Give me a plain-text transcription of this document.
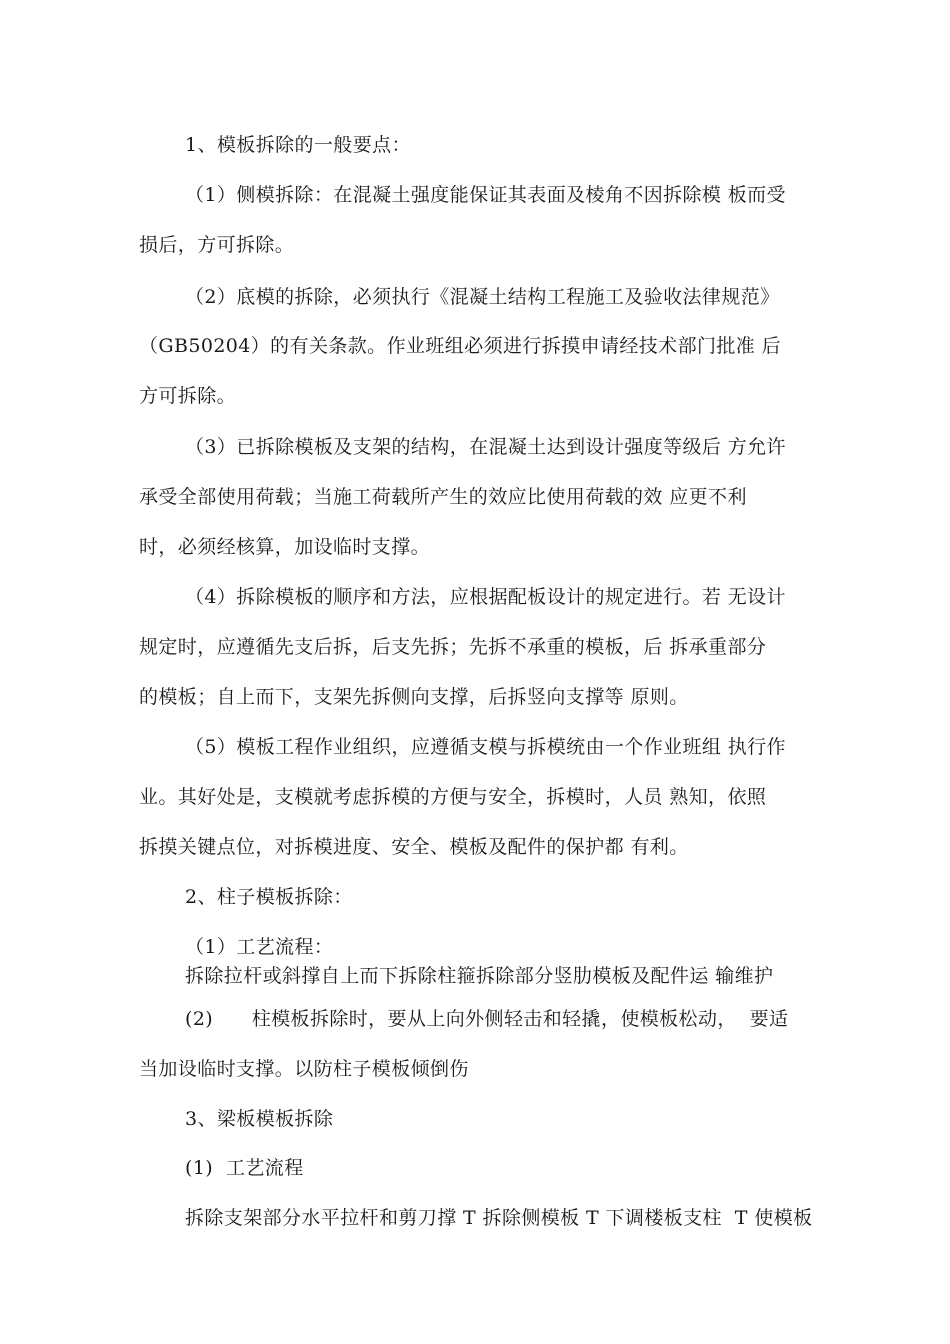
1、模板拆除的一般要点：
（1）侧模拆除：在混凝土强度能保证其表面及棱角不因拆除模 板而受
损后，方可拆除。
（2）底模的拆除，必须执行《混凝土结构工程施工及验收法律规范》
（GB50204）的有关条款。作业班组必须进行拆摸申请经技术部门批准 后
方可拆除。
（3）已拆除模板及支架的结构，在混凝土达到设计强度等级后 方允许
承受全部使用荷载；当施工荷载所产生的效应比使用荷载的效 应更不利
时，必须经核算，加设临时支撑。
（4）拆除模板的顺序和方法，应根据配板设计的规定进行。若 无设计
规定时，应遵循先支后拆，后支先拆；先拆不承重的模板，后 拆承重部分
的模板；自上而下，支架先拆侧向支撑，后拆竖向支撑等 原则。
（5）模板工程作业组织，应遵循支模与拆模统由一个作业班组 执行作
业。其好处是，支模就考虑拆模的方便与安全，拆模时，人员 熟知，依照
拆摸关键点位，对拆模进度、安全、模板及配件的保护都 有利。
2、柱子模板拆除：
（1）工艺流程：
拆除拉杆或斜撑自上而下拆除柱箍拆除部分竖肋模板及配件运 输维护
(2)      柱模板拆除时，要从上向外侧轻击和轻撬，使模板松动，  要适
当加设临时支撑。以防柱子模板倾倒伤
3、梁板模板拆除
(1)  工艺流程
拆除支架部分水平拉杆和剪刀撑 T 拆除侧模板 T 下调楼板支柱  T 使模板
